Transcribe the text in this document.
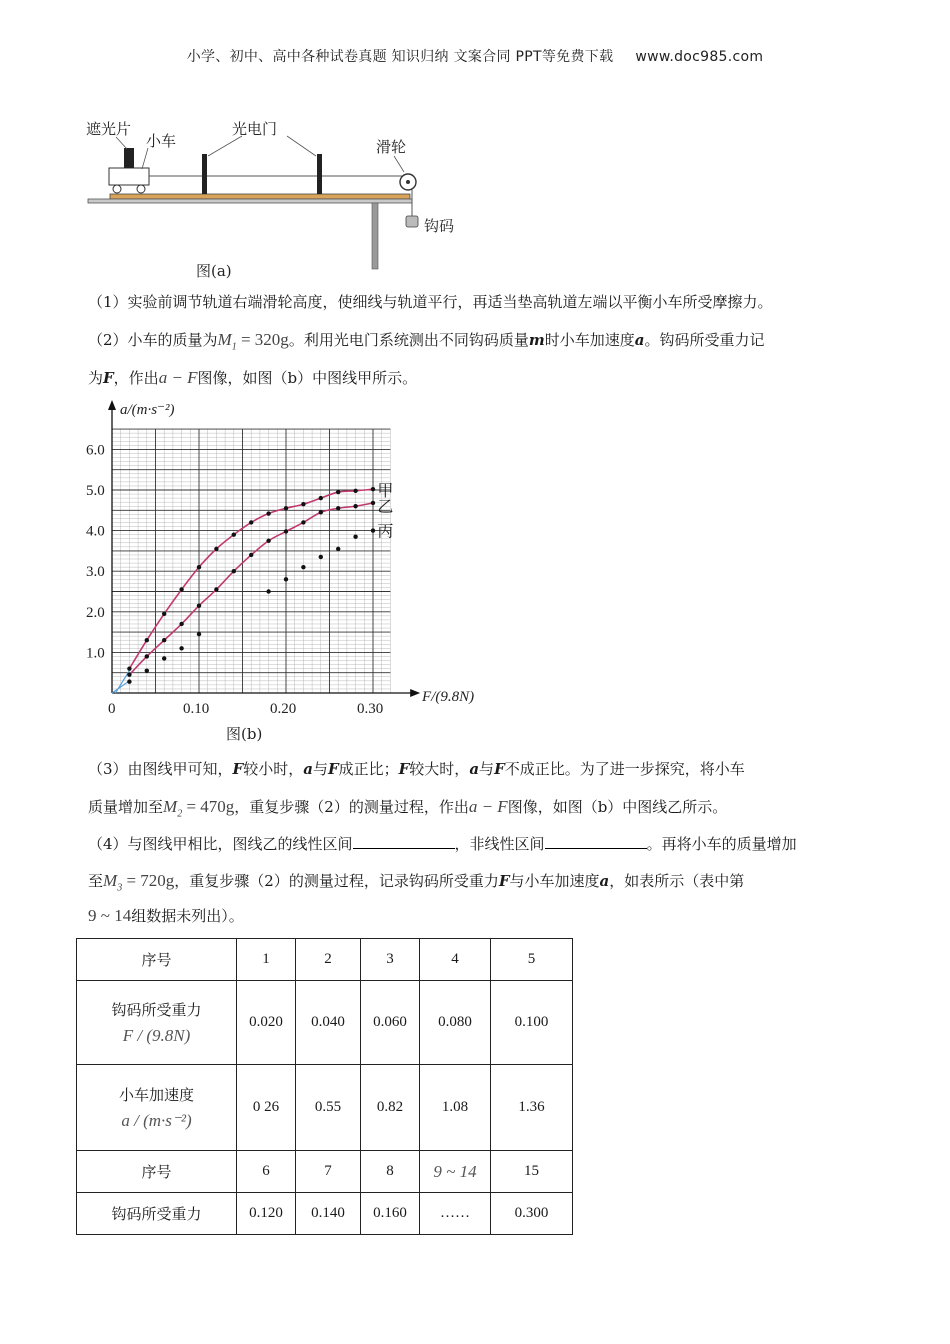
小学、初中、高中各种试卷真题 知识归纳 文案合同 PPT等免费下载 www.doc985.com
遮光片
小车
光电门
滑轮
钩码
图(a)
（1）实验前调节轨道右端滑轮高度，使细线与轨道平行，再适当垫高轨道左端以平衡小车所受摩擦力。
（2）小车的质量为$M_1 = 320g$。利用光电门系统测出不同钩码质量m时小车加速度a。钩码所受重力记
为F，作出a − F图像，如图（b）中图线甲所示。
0	0.10	0.20	0.30
1.0
2.0
3.0
4.0
5.0
6.0
甲
乙
丙
a/(m·s⁻²)
F/(9.8N)
图(b)
（3）由图线甲可知，F较小时，a与F成正比；F较大时，a与F不成正比。为了进一步探究，将小车
质量增加至$M_2 = 470g$，重复步骤（2）的测量过程，作出a − F图像，如图（b）中图线乙所示。
（4）与图线甲相比，图线乙的线性区间	，非线性区间	。再将小车的质量增加
至$M_3 = 720g$，重复步骤（2）的测量过程，记录钩码所受重力F与小车加速度a，如表所示（表中第
9 ~ 14组数据未列出）。
序号	1	2	3	4	5

钩码所受重力
F / (9.8N)	0.020	0.040	0.060	0.080	0.100

小车加速度
a / (m·s⁻²)	0 26	0.55	0.82	1.08	1.36
序号	6	7	8	9 ~ 14	15
钩码所受重力	0.120	0.140	0.160	……	0.300
